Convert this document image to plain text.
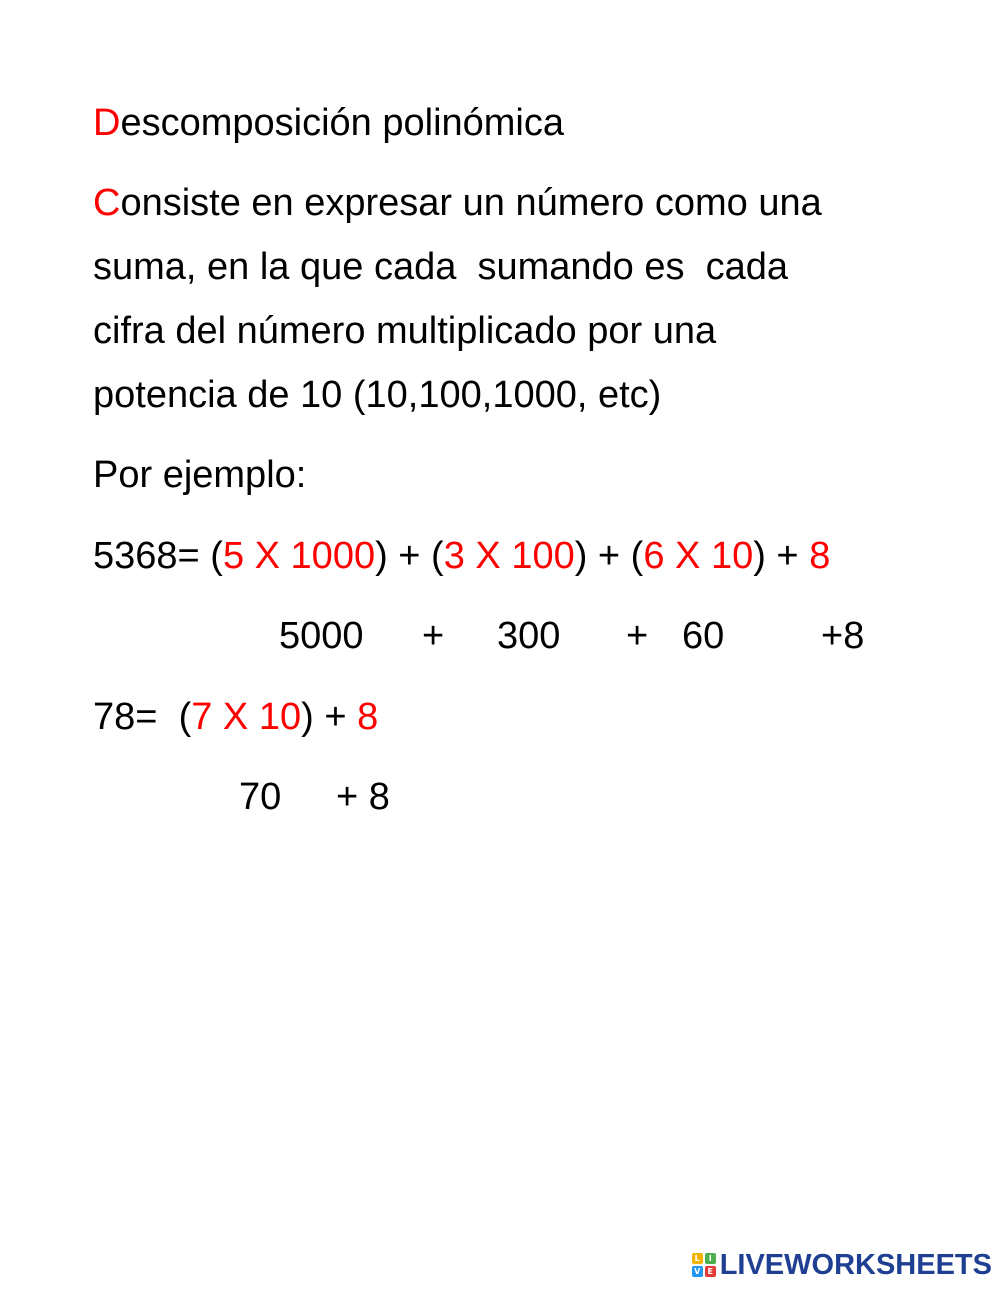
Descomposición polinómica
Consiste en expresar un número como una
suma, en la que cada  sumando es  cada
cifra del número multiplicado por una
potencia de 10 (10,100,1000, etc)
Por ejemplo:
5368= (5 X 1000) + (3 X 100) + (6 X 10) + 8
5000 + 300 + 60	+8
78=  (7 X 10) + 8
70 + 8
L	I
V E LIVEWORKSHEETS
